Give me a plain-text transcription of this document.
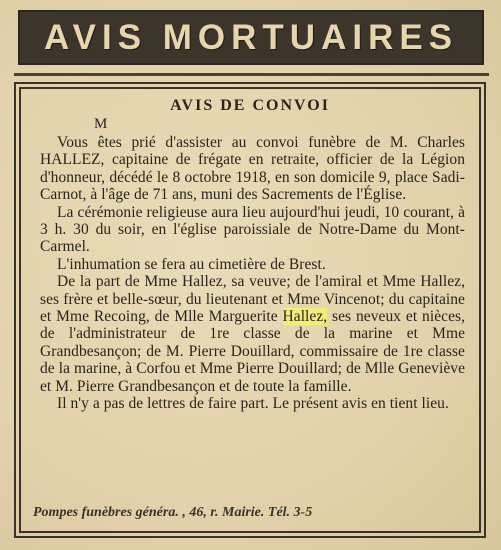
AVIS MORTUAIRES
AVIS DE CONVOI
M

Vous êtes prié d'assister au convoi funèbre de M. Charles HALLEZ, capitaine de frégate en retraite, officier de la Légion d'honneur, décédé le 8 octobre 1918, en son domicile 9, place Sadi-Carnot, à l'âge de 71 ans, muni des Sacrements de l'Église.

La cérémonie religieuse aura lieu aujourd'hui jeudi, 10 courant, à 3 h. 30 du soir, en l'église paroissiale de Notre-Dame du Mont-Carmel.

L'inhumation se fera au cimetière de Brest.

De la part de Mme Hallez, sa veuve; de l'amiral et Mme Hallez, ses frère et belle-sœur, du lieutenant et Mme Vincenot; du capitaine et Mme Recoing, de Mlle Marguerite Hallez, ses neveux et nièces, de l'administrateur de 1re classe de la marine et Mme Grandbesançon; de M. Pierre Douillard, commissaire de 1re classe de la marine, à Corfou et Mme Pierre Douillard; de Mlle Geneviève et M. Pierre Grandbesançon et de toute la famille.

Il n'y a pas de lettres de faire part. Le présent avis en tient lieu.

Pompes funèbres généra. , 46, r. Mairie. Tél. 3-5
